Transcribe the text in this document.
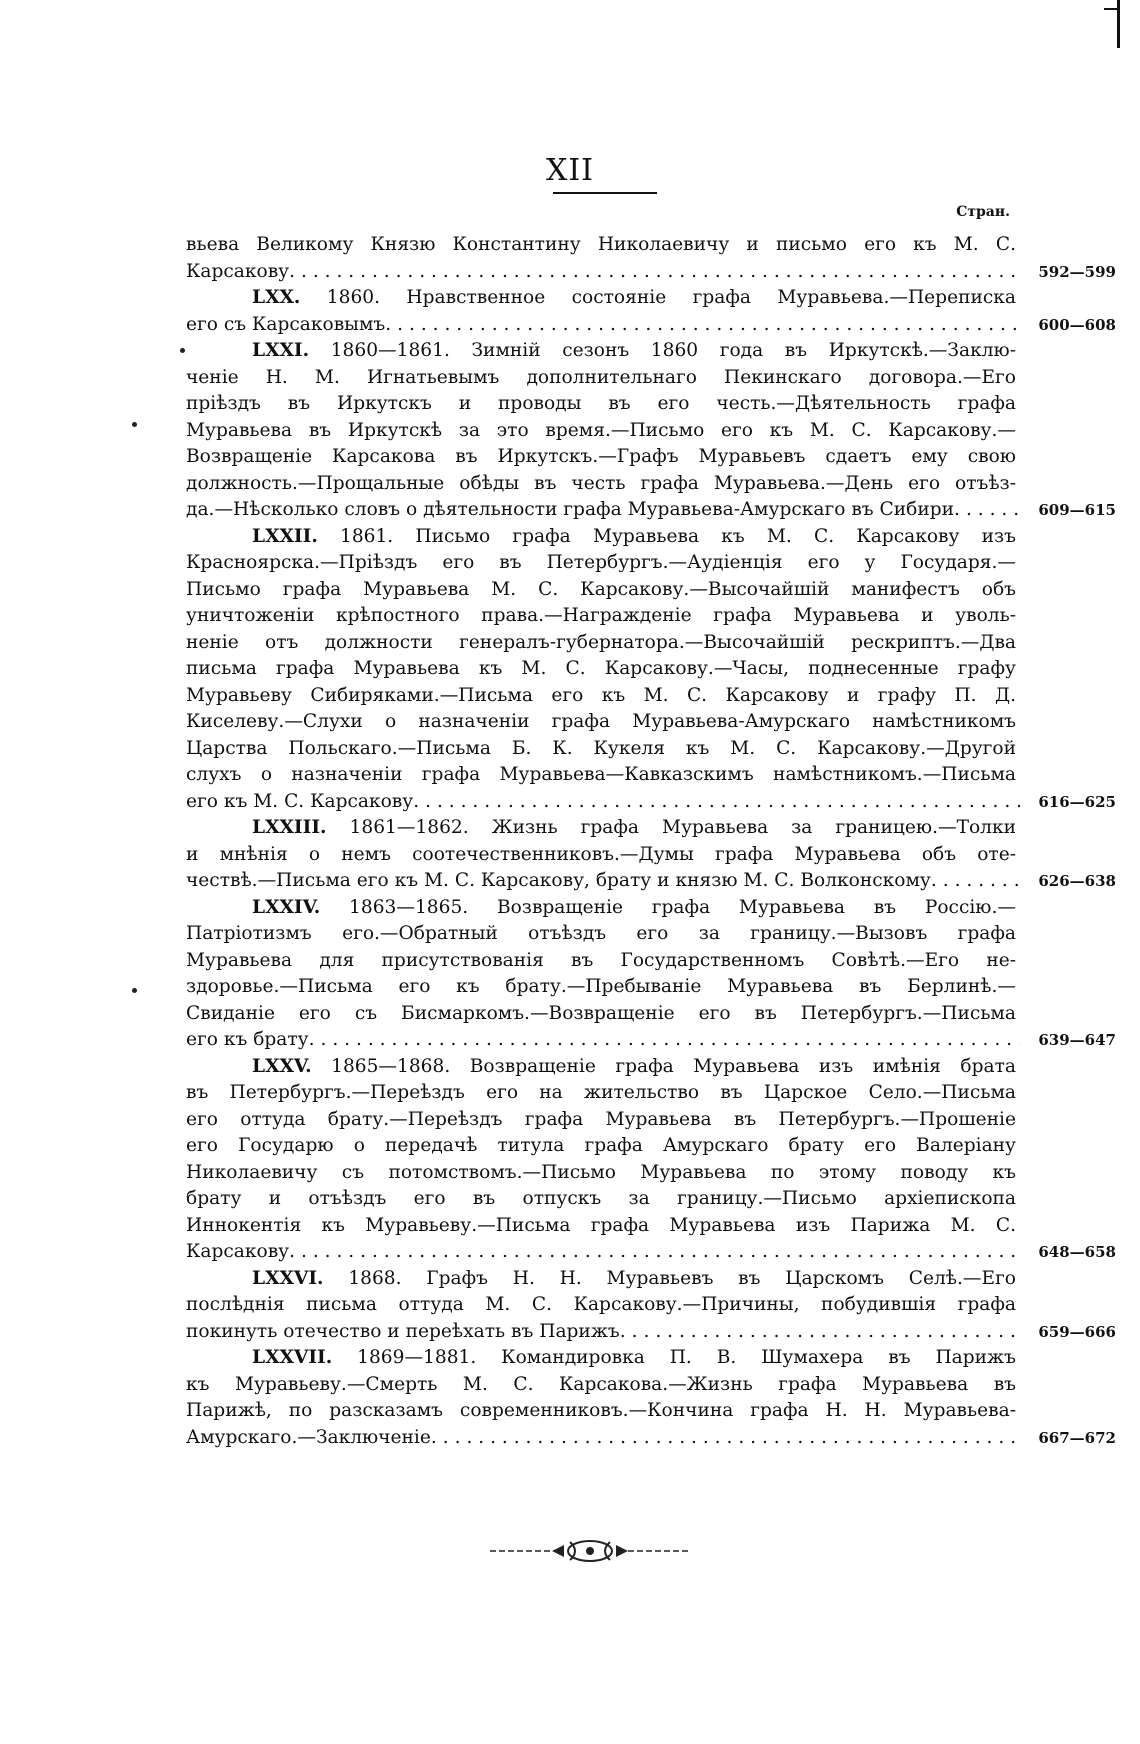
XII
Стран.
вьева Великому Князю Константину Николаевичу и письмо его къ М. С.
Карсакову. . . .	592—599
LXX. 1860. Нравственное состояніе графа Муравьева.—Переписка
его съ Карсаковымъ. . . .	600—608
LXXI. 1860—1861. Зимній сезонъ 1860 года въ Иркутскѣ.—Заклю-
ченіе Н. М. Игнатьевымъ дополнительнаго Пекинскаго договора.—Его
пріѣздъ въ Иркутскъ и проводы въ его честь.—Дѣятельность графа
Муравьева въ Иркутскѣ за это время.—Письмо его къ М. С. Карсакову.—
Возвращеніе Карсакова въ Иркутскъ.—Графъ Муравьевъ сдаетъ ему свою
должность.—Прощальные обѣды въ честь графа Муравьева.—День его отъѣз-
да.—Нѣсколько словъ о дѣятельности графа Муравьева-Амурскаго въ Сибири. . . .	609—615
LXXII. 1861. Письмо графа Муравьева къ М. С. Карсакову изъ
Красноярска.—Пріѣздъ его въ Петербургъ.—Аудіенція его у Государя.—
Письмо графа Муравьева М. С. Карсакову.—Высочайшій манифестъ объ
уничтоженіи крѣпостного права.—Награжденіе графа Муравьева и уволь-
неніе отъ должности генералъ-губернатора.—Высочайшій рескриптъ.—Два
письма графа Муравьева къ М. С. Карсакову.—Часы, поднесенные графу
Муравьеву Сибиряками.—Письма его къ М. С. Карсакову и графу П. Д.
Киселеву.—Слухи о назначеніи графа Муравьева-Амурскаго намѣстникомъ
Царства Польскаго.—Письма Б. К. Кукеля къ М. С. Карсакову.—Другой
слухъ о назначеніи графа Муравьева—Кавказскимъ намѣстникомъ.—Письма
его къ М. С. Карсакову. . . .	616—625
LXXIII. 1861—1862. Жизнь графа Муравьева за границею.—Толки
и мнѣнія о немъ соотечественниковъ.—Думы графа Муравьева объ оте-
чествѣ.—Письма его къ М. С. Карсакову, брату и князю М. С. Волконскому. . . .	626—638
LXXIV. 1863—1865. Возвращеніе графа Муравьева въ Россію.—
Патріотизмъ его.—Обратный отъѣздъ его за границу.—Вызовъ графа
Муравьева для присутствованія въ Государственномъ Совѣтѣ.—Его не-
здоровье.—Письма его къ брату.—Пребываніе Муравьева въ Берлинѣ.—
Свиданіе его съ Бисмаркомъ.—Возвращеніе его въ Петербургъ.—Письма
его къ брату. . . .	639—647
LXXV. 1865—1868. Возвращеніе графа Муравьева изъ имѣнія брата
въ Петербургъ.—Переѣздъ его на жительство въ Царское Село.—Письма
его оттуда брату.—Переѣздъ графа Муравьева въ Петербургъ.—Прошеніе
его Государю о передачѣ титула графа Амурскаго брату его Валеріану
Николаевичу съ потомствомъ.—Письмо Муравьева по этому поводу къ
брату и отъѣздъ его въ отпускъ за границу.—Письмо архіепископа
Иннокентія къ Муравьеву.—Письма графа Муравьева изъ Парижа М. С.
Карсакову. . . .	648—658
LXXVI. 1868. Графъ Н. Н. Муравьевъ въ Царскомъ Селѣ.—Его
послѣднія письма оттуда М. С. Карсакову.—Причины, побудившія графа
покинуть отечество и переѣхать въ Парижъ. . . .	659—666
LXXVII. 1869—1881. Командировка П. В. Шумахера въ Парижъ
къ Муравьеву.—Смерть М. С. Карсакова.—Жизнь графа Муравьева въ
Парижѣ, по разсказамъ современниковъ.—Кончина графа Н. Н. Муравьева-
Амурскаго.—Заключеніе. . . .	667—672
